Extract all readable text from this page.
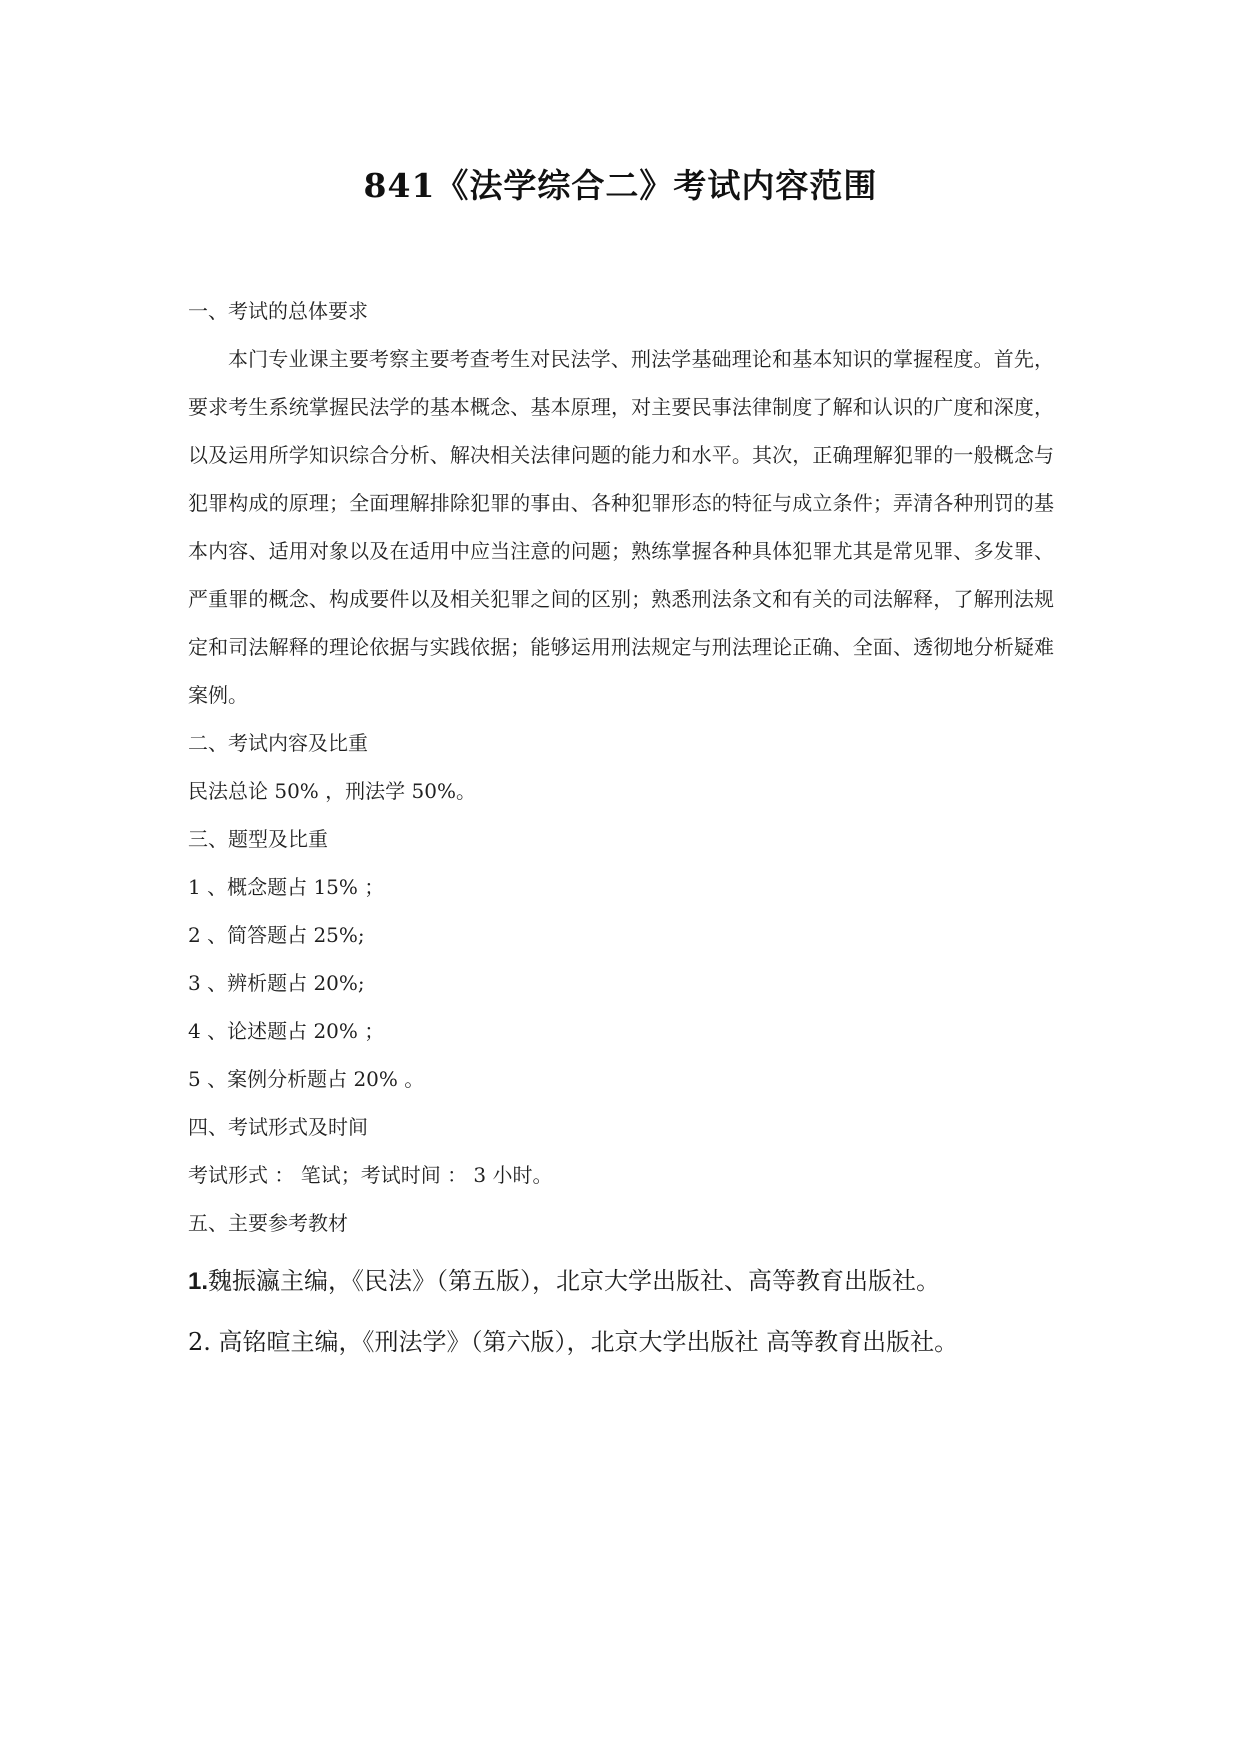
841《法学综合二》考试内容范围
一、考试的总体要求
本门专业课主要考察主要考查考生对民法学、刑法学基础理论和基本知识的掌握程度。首先，要求考生系统掌握民法学的基本概念、基本原理，对主要民事法律制度了解和认识的广度和深度，以及运用所学知识综合分析、解决相关法律问题的能力和水平。其次，正确理解犯罪的一般概念与犯罪构成的原理；全面理解排除犯罪的事由、各种犯罪形态的特征与成立条件；弄清各种刑罚的基本内容、适用对象以及在适用中应当注意的问题；熟练掌握各种具体犯罪尤其是常见罪、多发罪、严重罪的概念、构成要件以及相关犯罪之间的区别；熟悉刑法条文和有关的司法解释，了解刑法规定和司法解释的理论依据与实践依据；能够运用刑法规定与刑法理论正确、全面、透彻地分析疑难案例。
二、考试内容及比重
民法总论 50% ，刑法学 50%。
三、题型及比重
1 、概念题占 15% ；
2 、简答题占 25%;
3 、辨析题占 20%;
4 、论述题占 20% ；
5 、案例分析题占 20% 。
四、考试形式及时间
考试形式 ： 笔试；考试时间 ： 3 小时。
五、主要参考教材
1.魏振瀛主编，《民法》（第五版），北京大学出版社、高等教育出版社。
2. 高铭暄主编，《刑法学》（第六版），北京大学出版社 高等教育出版社。
